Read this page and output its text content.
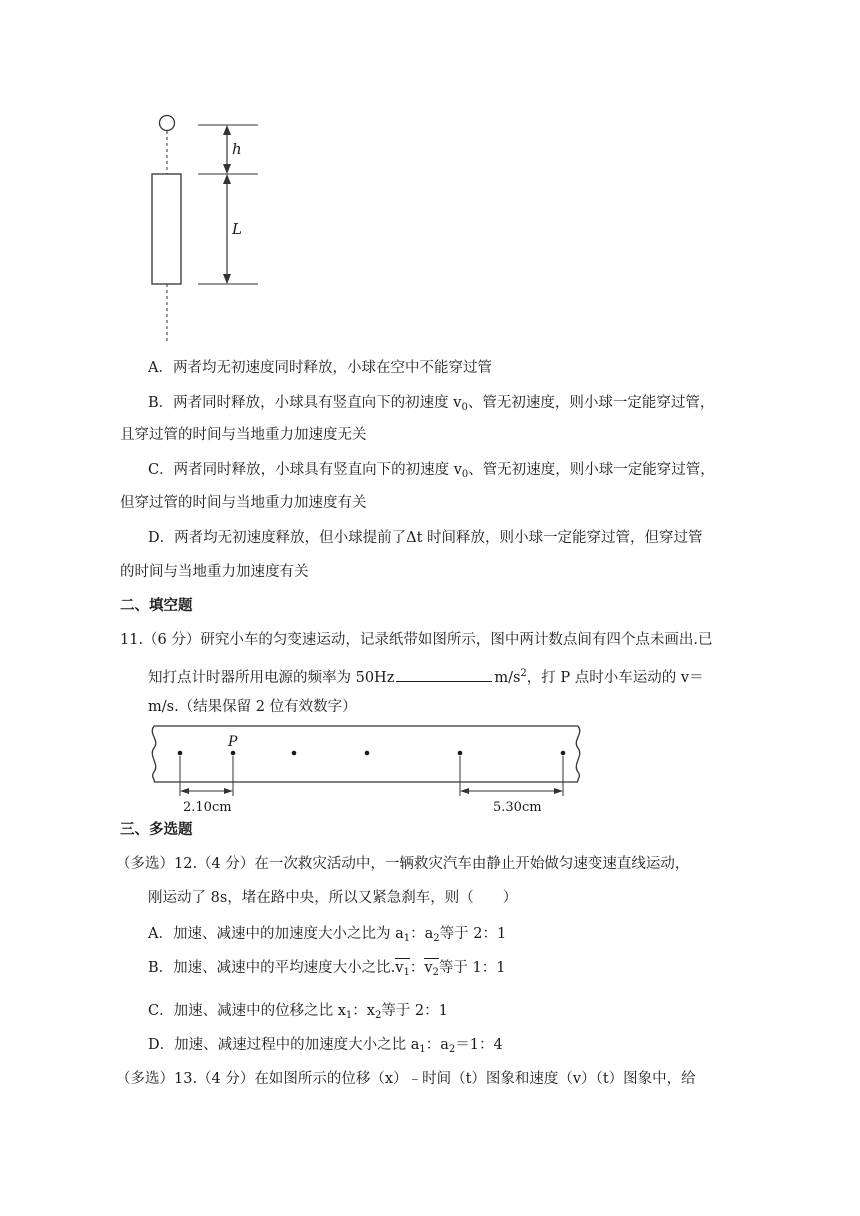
h
L
A．两者均无初速度同时释放，小球在空中不能穿过管
B．两者同时释放，小球具有竖直向下的初速度 $v_0$、管无初速度，则小球一定能穿过管，
且穿过管的时间与当地重力加速度无关
C．两者同时释放，小球具有竖直向下的初速度 $v_0$、管无初速度，则小球一定能穿过管，
但穿过管的时间与当地重力加速度有关
D．两者均无初速度释放，但小球提前了Δt 时间释放，则小球一定能穿过管，但穿过管
的时间与当地重力加速度有关
二、填空题
11.（6 分）研究小车的匀变速运动，记录纸带如图所示，图中两计数点间有四个点未画出.已
知打点计时器所用电源的频率为 50Hz	$m/s^2$，打 P 点时小车运动的 v＝
m/s.（结果保留 2 位有效数字）
P
2.10cm	5.30cm
三、多选题
（多选）12.（4 分）在一次救灾活动中，一辆救灾汽车由静止开始做匀速变速直线运动，
刚运动了 8s，堵在路中央，所以又紧急刹车，则（　　）
A．加速、减速中的加速度大小之比为 $a_1$：$a_2$等于 2：1
B．加速、减速中的平均速度大小之比$.v_1$：$v_2$等于 1：1
C．加速、减速中的位移之比 $x_1$：$x_2$等于 2：1
D．加速、减速过程中的加速度大小之比 $a_1$：$a_2=1$：4
（多选）13.（4 分）在如图所示的位移（x）﹣时间（t）图象和速度（v）（t）图象中，给
